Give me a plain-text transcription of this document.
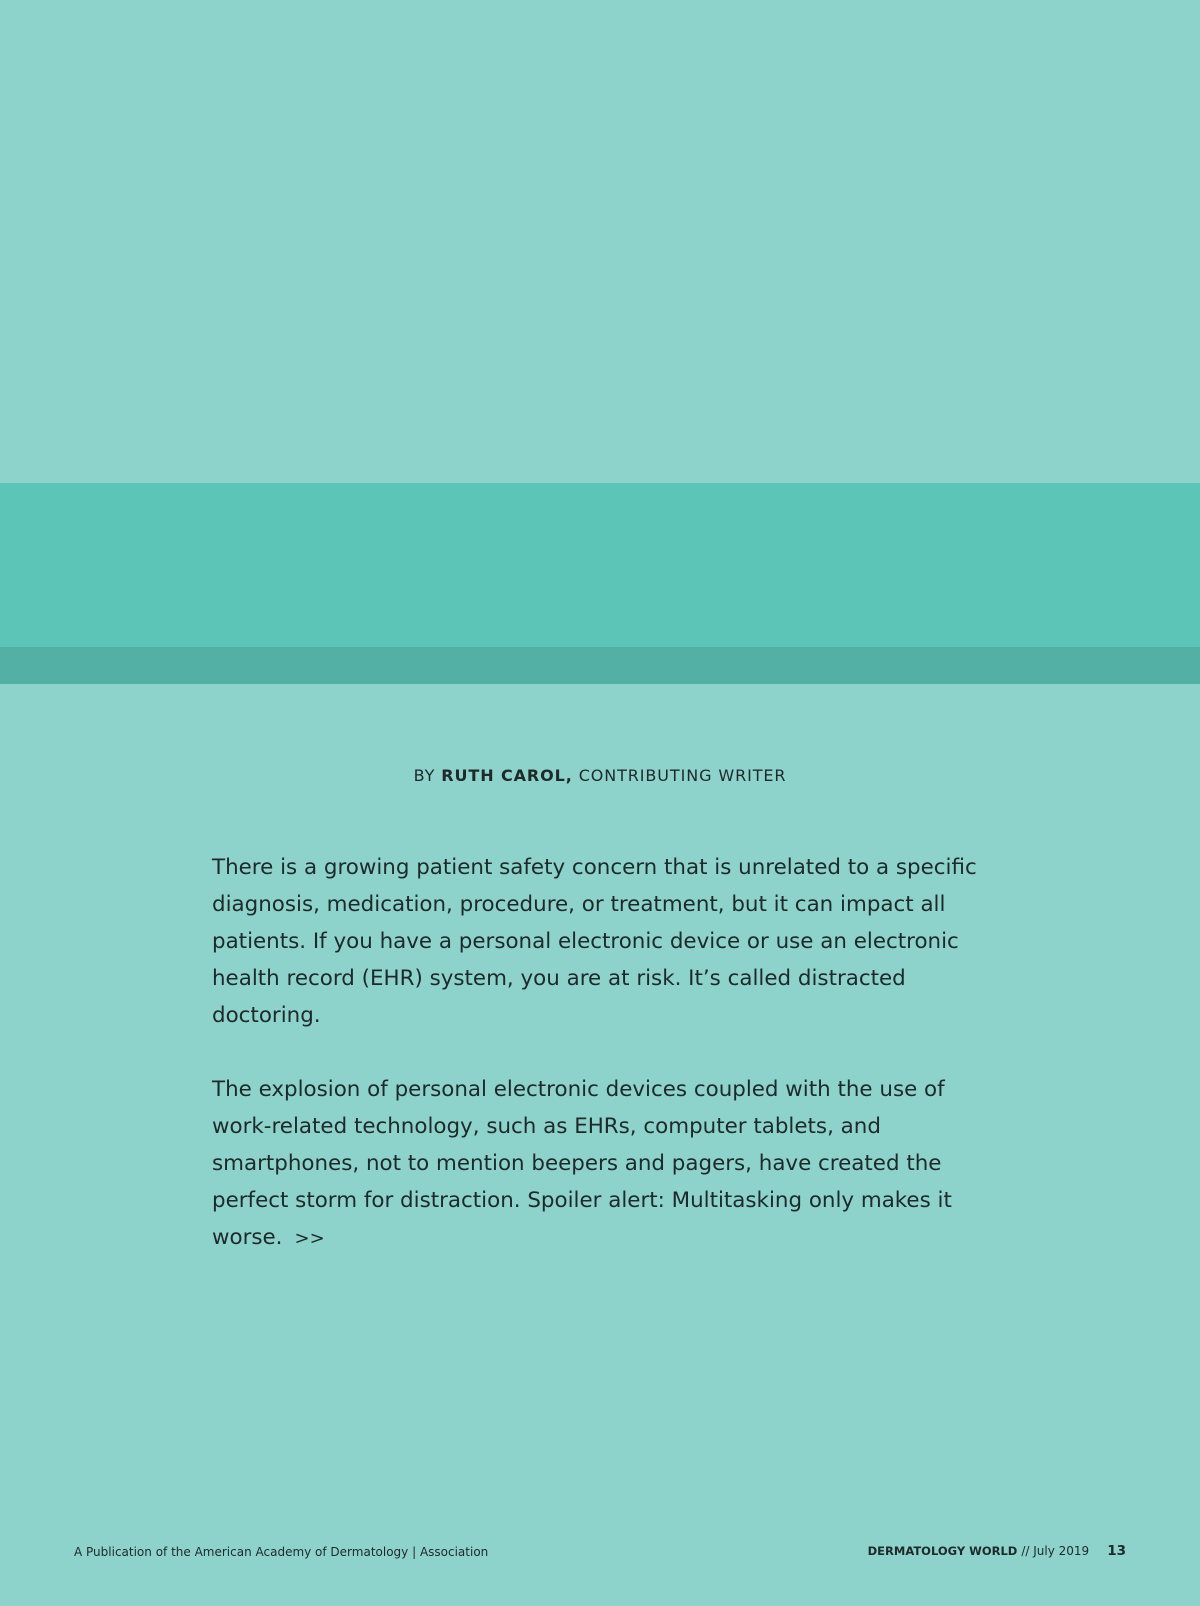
BY RUTH CAROL, CONTRIBUTING WRITER

There is a growing patient safety concern that is unrelated to a specific diagnosis, medication, procedure, or treatment, but it can impact all patients. If you have a personal electronic device or use an electronic health record (EHR) system, you are at risk. It’s called distracted doctoring.

The explosion of personal electronic devices coupled with the use of work-related technology, such as EHRs, computer tablets, and smartphones, not to mention beepers and pagers, have created the perfect storm for distraction. Spoiler alert: Multitasking only makes it worse. >>

A Publication of the American Academy of Dermatology | Association	DERMATOLOGY WORLD // July 2019 13
